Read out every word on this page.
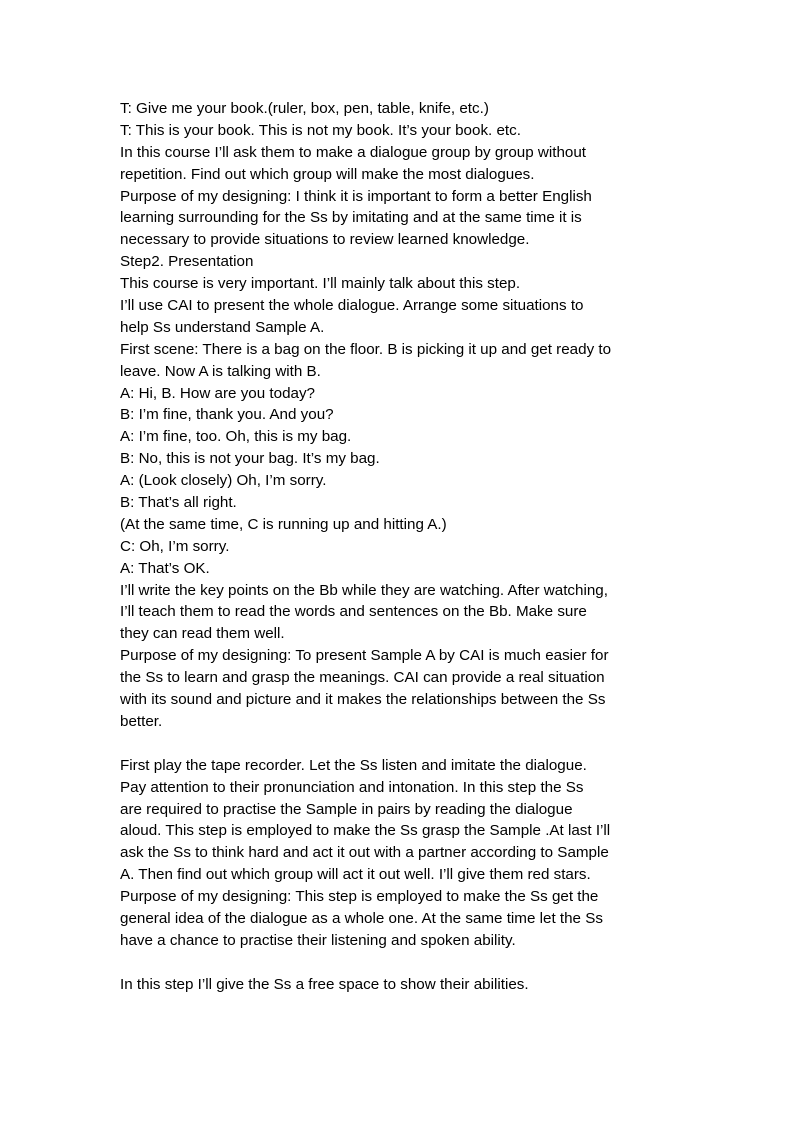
T: Give me your book.(ruler, box, pen, table, knife, etc.)
T: This is your book. This is not my book. It’s your book. etc.
In this course I’ll ask them to make a dialogue group by group without
repetition. Find out which group will make the most dialogues.
Purpose of my designing: I think it is important to form a better English
learning surrounding for the Ss by imitating and at the same time it is
necessary to provide situations to review learned knowledge.
Step2. Presentation
This course is very important. I’ll mainly talk about this step.
I’ll use CAI to present the whole dialogue. Arrange some situations to
help Ss understand Sample A.
First scene: There is a bag on the floor. B is picking it up and get ready to
leave. Now A is talking with B.
A: Hi, B. How are you today?
B: I’m fine, thank you. And you?
A: I’m fine, too. Oh, this is my bag.
B: No, this is not your bag. It’s my bag.
A: (Look closely) Oh, I’m sorry.
B: That’s all right.
(At the same time, C is running up and hitting A.)
C: Oh, I’m sorry.
A: That’s OK.
I’ll write the key points on the Bb while they are watching. After watching,
I’ll teach them to read the words and sentences on the Bb. Make sure
they can read them well.
Purpose of my designing: To present Sample A by CAI is much easier for
the Ss to learn and grasp the meanings. CAI can provide a real situation
with its sound and picture and it makes the relationships between the Ss
better.
First play the tape recorder. Let the Ss listen and imitate the dialogue.
Pay attention to their pronunciation and intonation. In this step the Ss
are required to practise the Sample in pairs by reading the dialogue
aloud. This step is employed to make the Ss grasp the Sample .At last I’ll
ask the Ss to think hard and act it out with a partner according to Sample
A. Then find out which group will act it out well. I’ll give them red stars.
Purpose of my designing: This step is employed to make the Ss get the
general idea of the dialogue as a whole one. At the same time let the Ss
have a chance to practise their listening and spoken ability.
In this step I’ll give the Ss a free space to show their abilities.
